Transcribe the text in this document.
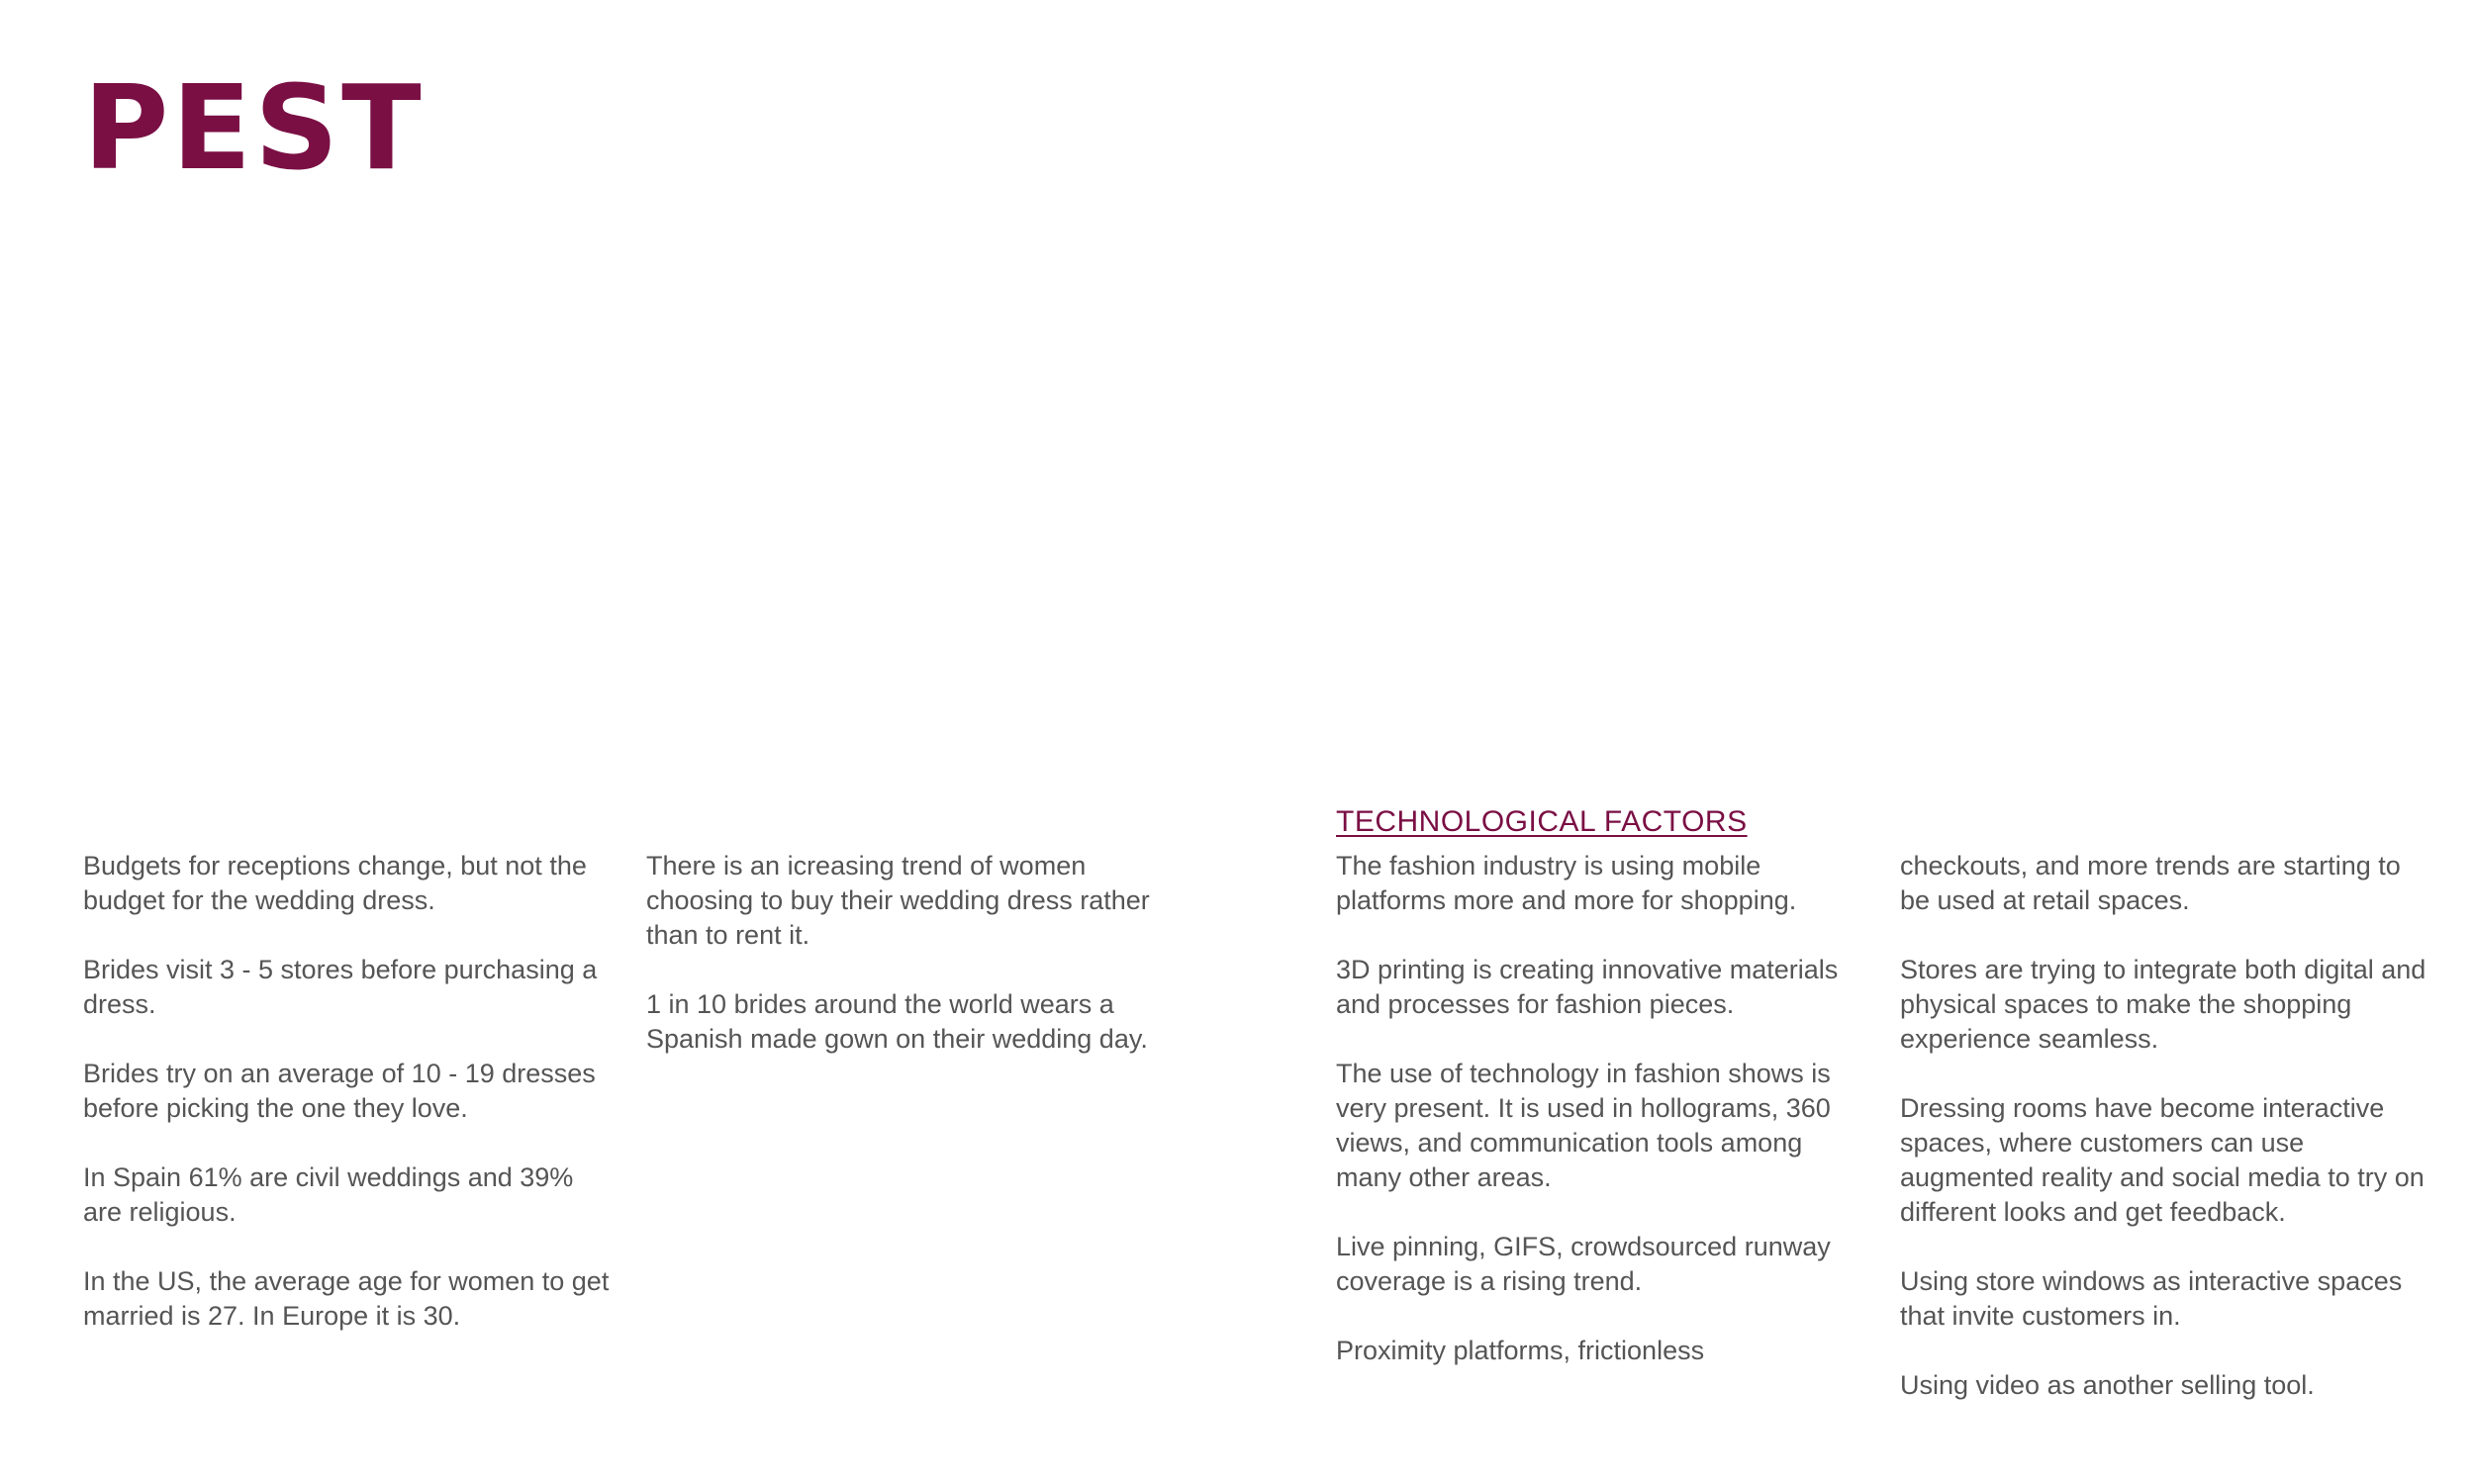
PEST
TECHNOLOGICAL FACTORS

Budgets for receptions change, but not the budget for the wedding dress.

Brides visit 3 - 5 stores before purchasing a dress.

Brides try on an average of 10 - 19 dresses before picking the one they love.

In Spain 61% are civil weddings and 39% are religious.

In the US, the average age for women to get married is 27. In Europe it is 30.

There is an icreasing trend of women choosing to buy their wedding dress rather than to rent it.

1 in 10 brides around the world wears a Spanish made gown on their wedding day.

The fashion industry is using mobile platforms more and more for shopping.

3D printing is creating innovative materials and processes for fashion pieces.

The use of technology in fashion shows is very present. It is used in hollograms, 360 views, and communication tools among many other areas.

Live pinning, GIFS, crowdsourced runway coverage is a rising trend.

Proximity platforms, frictionless

checkouts, and more trends are starting to be used at retail spaces.

Stores are trying to integrate both digital and physical spaces to make the shopping experience seamless.

Dressing rooms have become interactive spaces, where customers can use augmented reality and social media to try on different looks and get feedback.

Using store windows as interactive spaces that invite customers in.

Using video as another selling tool.
